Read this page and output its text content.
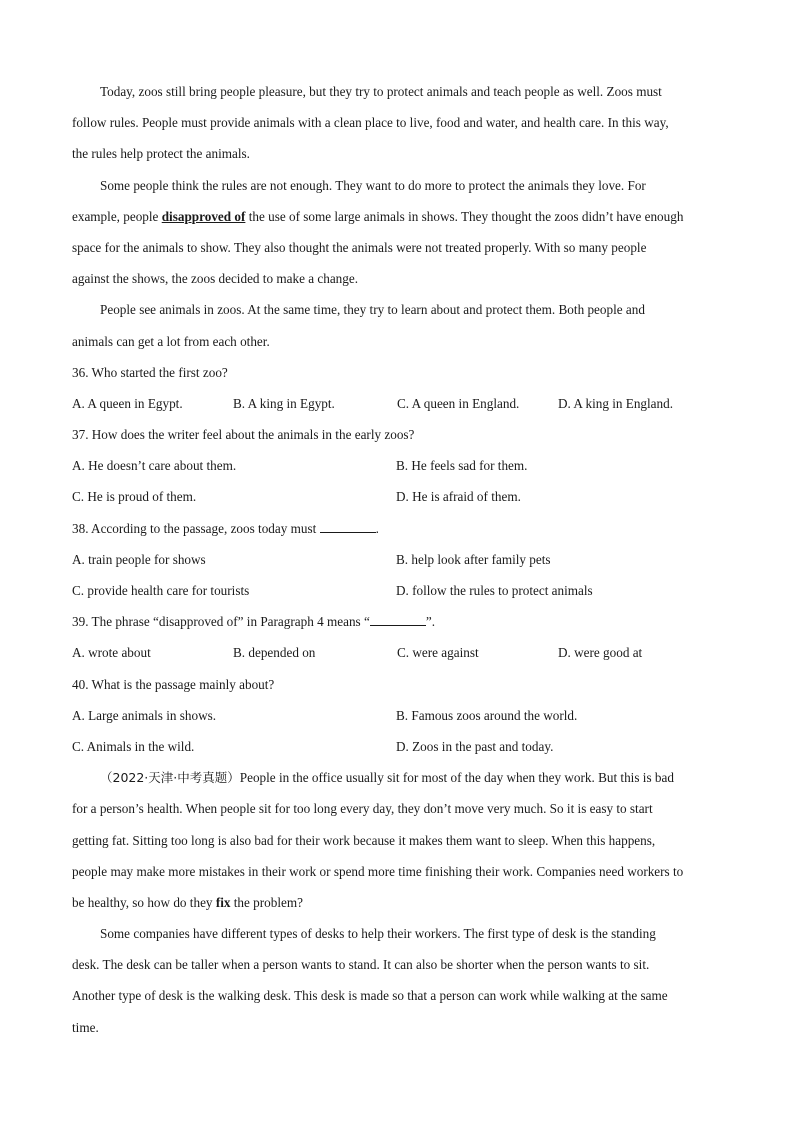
Today, zoos still bring people pleasure, but they try to protect animals and teach people as well. Zoos must
follow rules. People must provide animals with a clean place to live, food and water, and health care. In this way,
the rules help protect the animals.
Some people think the rules are not enough. They want to do more to protect the animals they love. For
example, people disapproved of the use of some large animals in shows. They thought the zoos didn’t have enough
space for the animals to show. They also thought the animals were not treated properly. With so many people
against the shows, the zoos decided to make a change.
People see animals in zoos. At the same time, they try to learn about and protect them. Both people and
animals can get a lot from each other.
36. Who started the first zoo?
A. A queen in Egypt.	B. A king in Egypt.	C. A queen in England.	D. A king in England.
37. How does the writer feel about the animals in the early zoos?
A. He doesn’t care about them.	B. He feels sad for them.
C. He is proud of them.	D. He is afraid of them.
38. According to the passage, zoos today must	.
A. train people for shows	B. help look after family pets
C. provide health care for tourists	D. follow the rules to protect animals
39. The phrase “disapproved of” in Paragraph 4 means “	”.
A. wrote about	B. depended on	C. were against	D. were good at
40. What is the passage mainly about?
A. Large animals in shows.	B. Famous zoos around the world.
C. Animals in the wild.	D. Zoos in the past and today.
（2022·天津·中考真题）People in the office usually sit for most of the day when they work. But this is bad
for a person’s health. When people sit for too long every day, they don’t move very much. So it is easy to start
getting fat. Sitting too long is also bad for their work because it makes them want to sleep. When this happens,
people may make more mistakes in their work or spend more time finishing their work. Companies need workers to
be healthy, so how do they fix the problem?
Some companies have different types of desks to help their workers. The first type of desk is the standing
desk. The desk can be taller when a person wants to stand. It can also be shorter when the person wants to sit.
Another type of desk is the walking desk. This desk is made so that a person can work while walking at the same
time.
